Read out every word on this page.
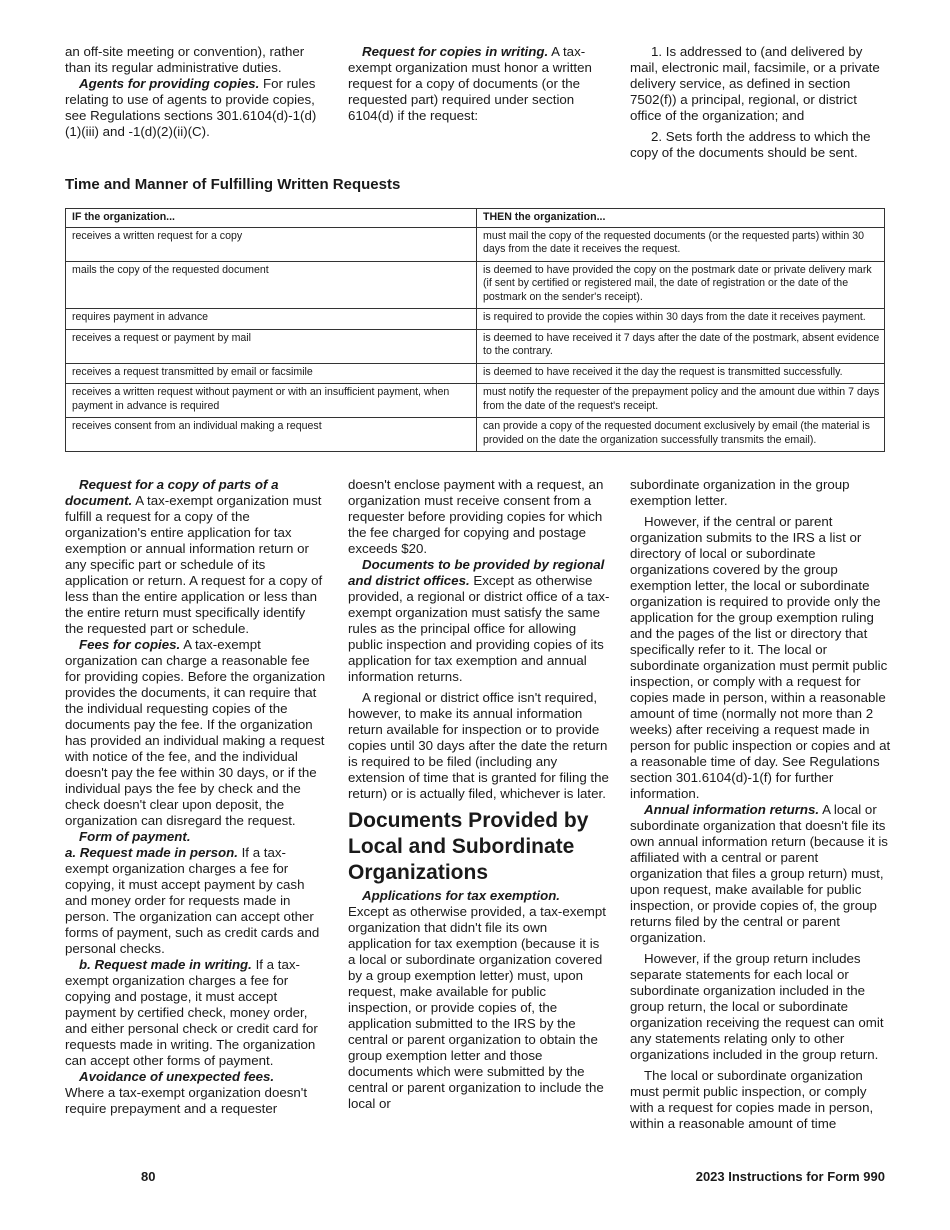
an off-site meeting or convention), rather than its regular administrative duties.

Agents for providing copies. For rules relating to use of agents to provide copies, see Regulations sections 301.6104(d)-1(d)(1)(iii) and -1(d)(2)(ii)(C).

Request for copies in writing. A tax-exempt organization must honor a written request for a copy of documents (or the requested part) required under section 6104(d) if the request:

1. Is addressed to (and delivered by mail, electronic mail, facsimile, or a private delivery service, as defined in section 7502(f)) a principal, regional, or district office of the organization; and

2. Sets forth the address to which the copy of the documents should be sent.

Time and Manner of Fulfilling Written Requests
IF the organization...	THEN the organization...
receives a written request for a copy	must mail the copy of the requested documents (or the requested parts) within 30 days from the date it receives the request.
mails the copy of the requested document	is deemed to have provided the copy on the postmark date or private delivery mark (if sent by certified or registered mail, the date of registration or the date of the postmark on the sender's receipt).
requires payment in advance	is required to provide the copies within 30 days from the date it receives payment.
receives a request or payment by mail	is deemed to have received it 7 days after the date of the postmark, absent evidence to the contrary.
receives a request transmitted by email or facsimile	is deemed to have received it the day the request is transmitted successfully.
receives a written request without payment or with an insufficient payment, when payment in advance is required	must notify the requester of the prepayment policy and the amount due within 7 days from the date of the request's receipt.
receives consent from an individual making a request	can provide a copy of the requested document exclusively by email (the material is provided on the date the organization successfully transmits the email).

Request for a copy of parts of a document. A tax-exempt organization must fulfill a request for a copy of the organization's entire application for tax exemption or annual information return or any specific part or schedule of its application or return. A request for a copy of less than the entire application or less than the entire return must specifically identify the requested part or schedule.

Fees for copies. A tax-exempt organization can charge a reasonable fee for providing copies. Before the organization provides the documents, it can require that the individual requesting copies of the documents pay the fee. If the organization has provided an individual making a request with notice of the fee, and the individual doesn't pay the fee within 30 days, or if the individual pays the fee by check and the check doesn't clear upon deposit, the organization can disregard the request.

Form of payment.

a. Request made in person. If a tax-exempt organization charges a fee for copying, it must accept payment by cash and money order for requests made in person. The organization can accept other forms of payment, such as credit cards and personal checks.

b. Request made in writing. If a tax-exempt organization charges a fee for copying and postage, it must accept payment by certified check, money order, and either personal check or credit card for requests made in writing. The organization can accept other forms of payment.

Avoidance of unexpected fees.

Where a tax-exempt organization doesn't require prepayment and a requester

doesn't enclose payment with a request, an organization must receive consent from a requester before providing copies for which the fee charged for copying and postage exceeds $20.

Documents to be provided by regional and district offices. Except as otherwise provided, a regional or district office of a tax-exempt organization must satisfy the same rules as the principal office for allowing public inspection and providing copies of its application for tax exemption and annual information returns.

A regional or district office isn't required, however, to make its annual information return available for inspection or to provide copies until 30 days after the date the return is required to be filed (including any extension of time that is granted for filing the return) or is actually filed, whichever is later.

Documents Provided by Local and Subordinate Organizations

Applications for tax exemption.

Except as otherwise provided, a tax-exempt organization that didn't file its own application for tax exemption (because it is a local or subordinate organization covered by a group exemption letter) must, upon request, make available for public inspection, or provide copies of, the application submitted to the IRS by the central or parent organization to obtain the group exemption letter and those documents which were submitted by the central or parent organization to include the local or

subordinate organization in the group exemption letter.

However, if the central or parent organization submits to the IRS a list or directory of local or subordinate organizations covered by the group exemption letter, the local or subordinate organization is required to provide only the application for the group exemption ruling and the pages of the list or directory that specifically refer to it. The local or subordinate organization must permit public inspection, or comply with a request for copies made in person, within a reasonable amount of time (normally not more than 2 weeks) after receiving a request made in person for public inspection or copies and at a reasonable time of day. See Regulations section 301.6104(d)-1(f) for further information.

Annual information returns. A local or subordinate organization that doesn't file its own annual information return (because it is affiliated with a central or parent organization that files a group return) must, upon request, make available for public inspection, or provide copies of, the group returns filed by the central or parent organization.

However, if the group return includes separate statements for each local or subordinate organization included in the group return, the local or subordinate organization receiving the request can omit any statements relating only to other organizations included in the group return.

The local or subordinate organization must permit public inspection, or comply with a request for copies made in person, within a reasonable amount of time

80	2023 Instructions for Form 990
